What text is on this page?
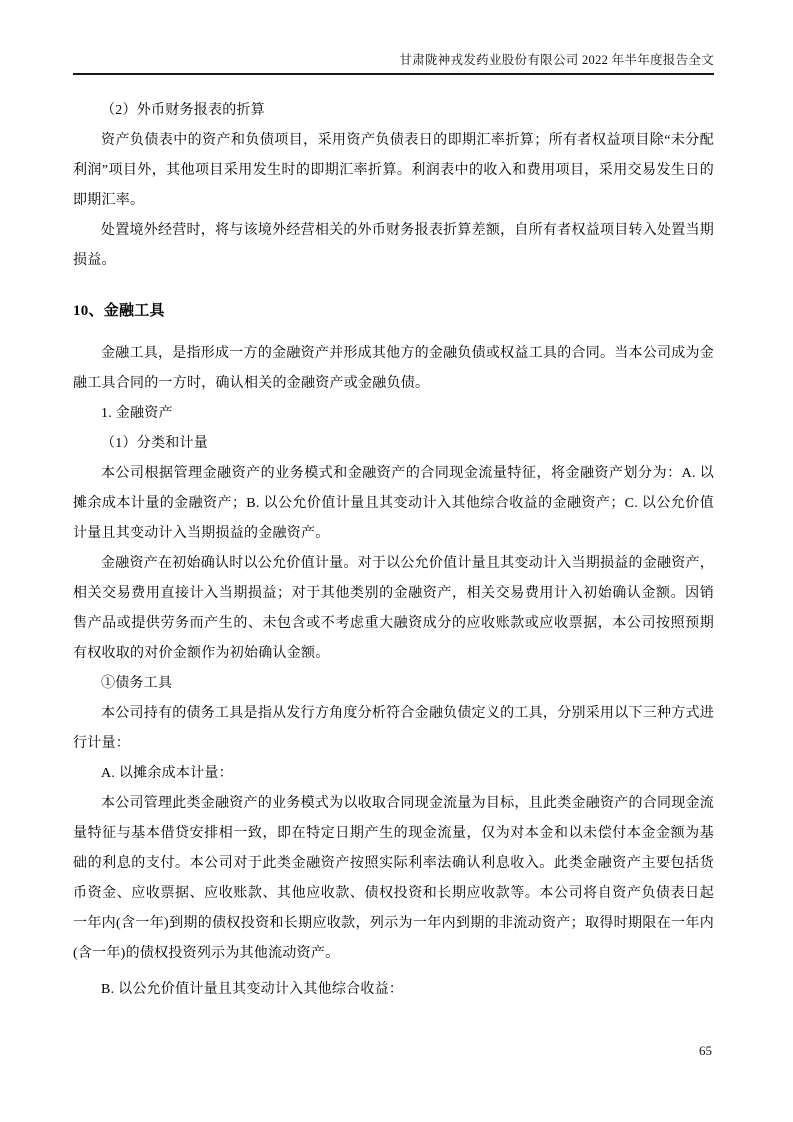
甘肃陇神戎发药业股份有限公司 2022 年半年度报告全文

（2）外币财务报表的折算

资产负债表中的资产和负债项目，采用资产负债表日的即期汇率折算；所有者权益项目除“未分配利润”项目外，其他项目采用发生时的即期汇率折算。利润表中的收入和费用项目，采用交易发生日的即期汇率。

处置境外经营时，将与该境外经营相关的外币财务报表折算差额，自所有者权益项目转入处置当期损益。

10、金融工具

金融工具，是指形成一方的金融资产并形成其他方的金融负债或权益工具的合同。当本公司成为金融工具合同的一方时，确认相关的金融资产或金融负债。

1. 金融资产

（1）分类和计量

本公司根据管理金融资产的业务模式和金融资产的合同现金流量特征，将金融资产划分为：A. 以摊余成本计量的金融资产；B. 以公允价值计量且其变动计入其他综合收益的金融资产；C. 以公允价值计量且其变动计入当期损益的金融资产。

金融资产在初始确认时以公允价值计量。对于以公允价值计量且其变动计入当期损益的金融资产，相关交易费用直接计入当期损益；对于其他类别的金融资产，相关交易费用计入初始确认金额。因销售产品或提供劳务而产生的、未包含或不考虑重大融资成分的应收账款或应收票据，本公司按照预期有权收取的对价金额作为初始确认金额。

①债务工具

本公司持有的债务工具是指从发行方角度分析符合金融负债定义的工具，分别采用以下三种方式进行计量：

A. 以摊余成本计量：

本公司管理此类金融资产的业务模式为以收取合同现金流量为目标，且此类金融资产的合同现金流量特征与基本借贷安排相一致，即在特定日期产生的现金流量，仅为对本金和以未偿付本金金额为基础的利息的支付。本公司对于此类金融资产按照实际利率法确认利息收入。此类金融资产主要包括货币资金、应收票据、应收账款、其他应收款、债权投资和长期应收款等。本公司将自资产负债表日起一年内(含一年)到期的债权投资和长期应收款，列示为一年内到期的非流动资产；取得时期限在一年内(含一年)的债权投资列示为其他流动资产。

B. 以公允价值计量且其变动计入其他综合收益：

65
